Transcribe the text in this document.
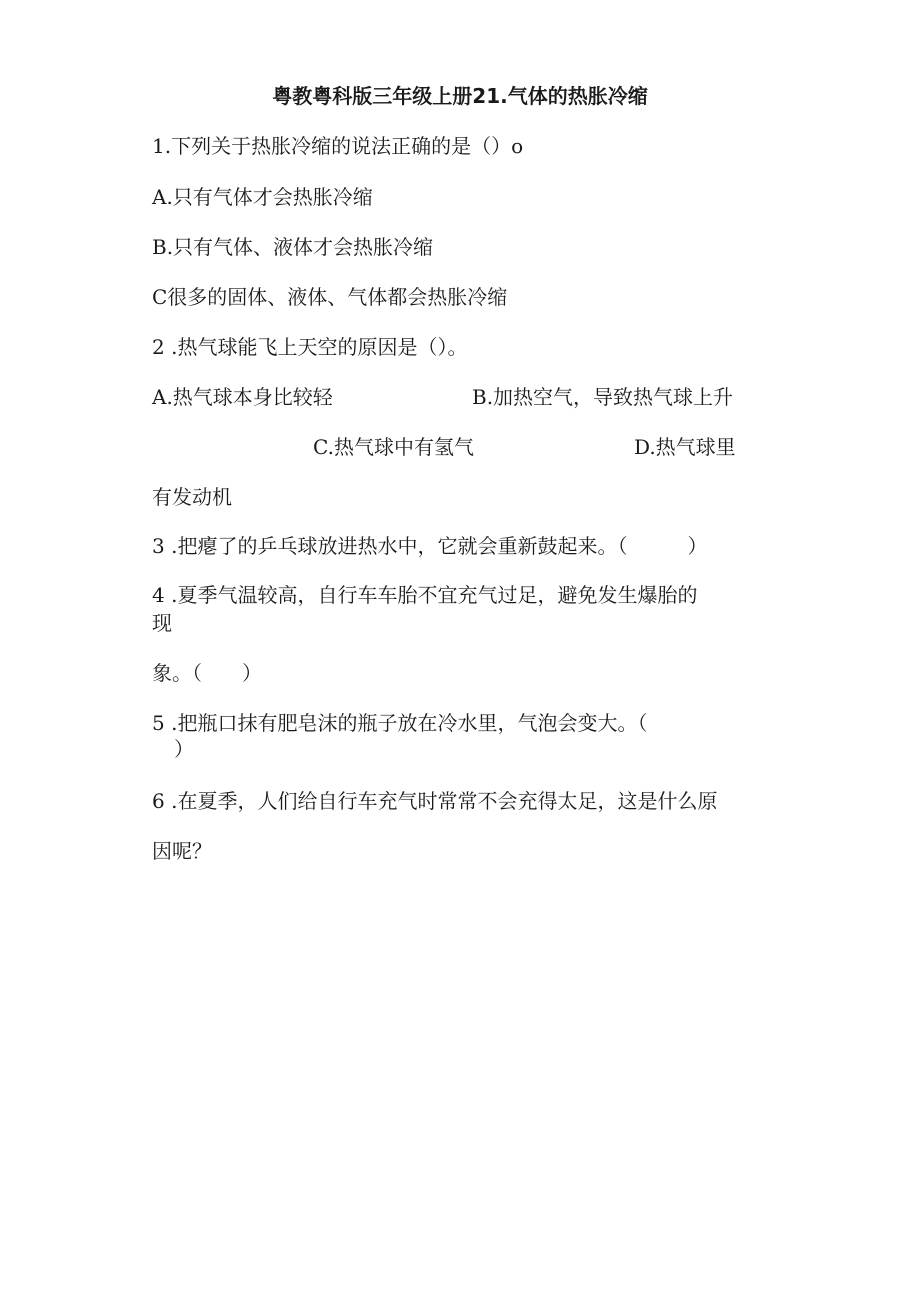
粤教粤科版三年级上册21.气体的热胀冷缩
1.下列关于热胀冷缩的说法正确的是（）o
A.只有气体才会热胀冷缩
B.只有气体、液体才会热胀冷缩
C很多的固体、液体、气体都会热胀冷缩
2 .热气球能飞上天空的原因是（）。
A.热气球本身比较轻	B.加热空气，导致热气球上升
C.热气球中有氢气	D.热气球里
有发动机
3 .把瘪了的乒乓球放进热水中，它就会重新鼓起来。（　　　）
4 .夏季气温较高，自行车车胎不宜充气过足，避免发生爆胎的
现
象。（　　）
5 .把瓶口抹有肥皂沫的瓶子放在冷水里，气泡会变大。（
）
6 .在夏季，人们给自行车充气时常常不会充得太足，这是什么原
因呢？
